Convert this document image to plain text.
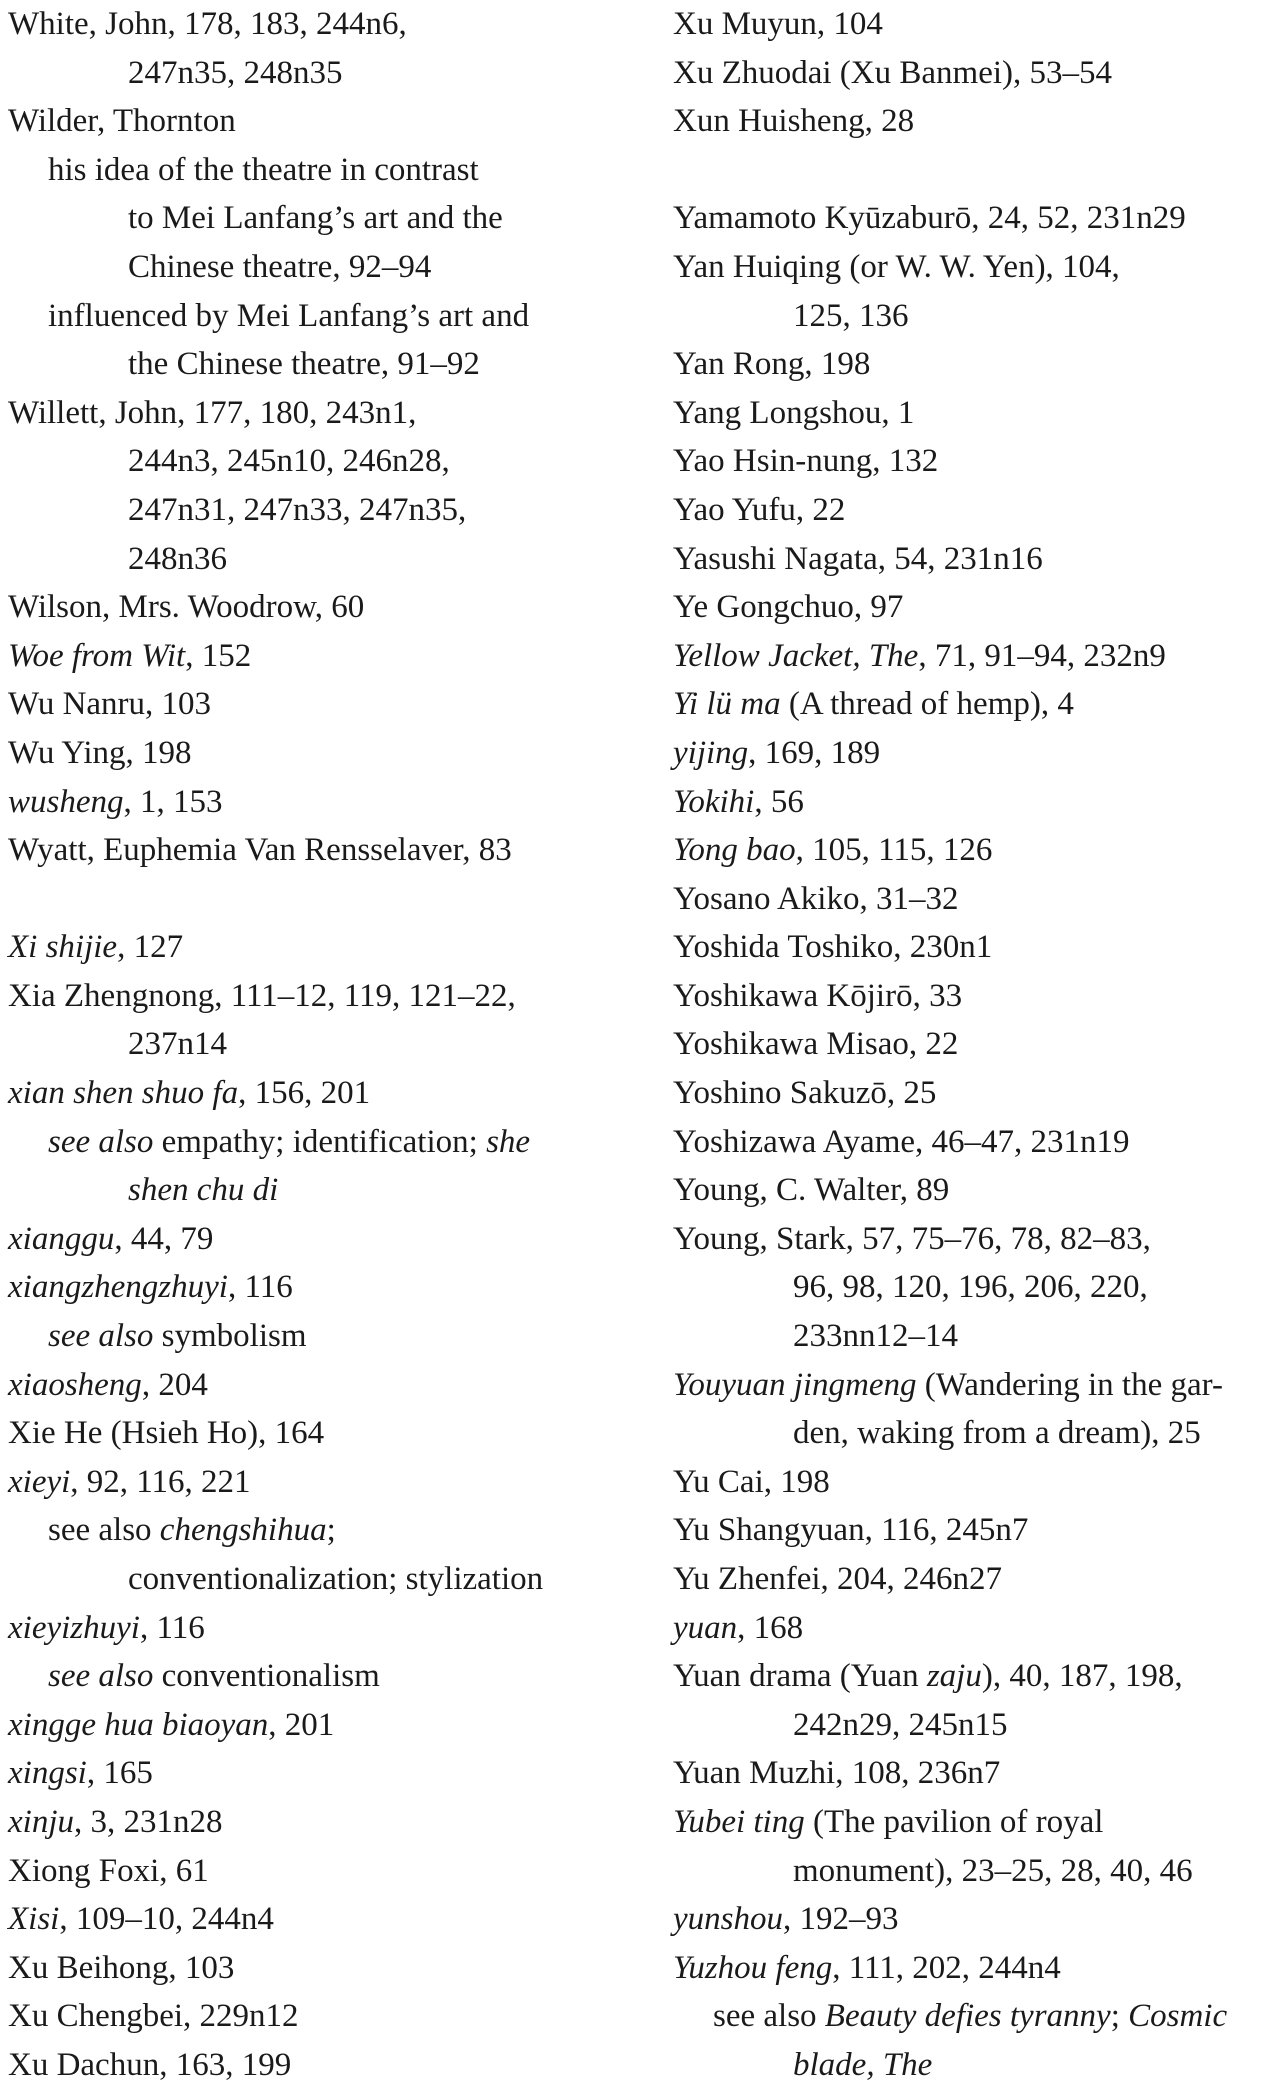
White, John, 178, 183, 244n6,
247n35, 248n35
Wilder, Thornton
his idea of the theatre in contrast
to Mei Lanfang’s art and the
Chinese theatre, 92–94
influenced by Mei Lanfang’s art and
the Chinese theatre, 91–92
Willett, John, 177, 180, 243n1,
244n3, 245n10, 246n28,
247n31, 247n33, 247n35,
248n36
Wilson, Mrs. Woodrow, 60
Woe from Wit, 152
Wu Nanru, 103
Wu Ying, 198
wusheng, 1, 153
Wyatt, Euphemia Van Rensselaver, 83
Xi shijie, 127
Xia Zhengnong, 111–12, 119, 121–22,
237n14
xian shen shuo fa, 156, 201
see also empathy; identification; she
shen chu di
xianggu, 44, 79
xiangzhengzhuyi, 116
see also symbolism
xiaosheng, 204
Xie He (Hsieh Ho), 164
xieyi, 92, 116, 221
see also chengshihua;
conventionalization; stylization
xieyizhuyi, 116
see also conventionalism
xingge hua biaoyan, 201
xingsi, 165
xinju, 3, 231n28
Xiong Foxi, 61
Xisi, 109–10, 244n4
Xu Beihong, 103
Xu Chengbei, 229n12
Xu Dachun, 163, 199
Xu Muyun, 104
Xu Zhuodai (Xu Banmei), 53–54
Xun Huisheng, 28
Yamamoto Kyūzaburō, 24, 52, 231n29
Yan Huiqing (or W. W. Yen), 104,
125, 136
Yan Rong, 198
Yang Longshou, 1
Yao Hsin-nung, 132
Yao Yufu, 22
Yasushi Nagata, 54, 231n16
Ye Gongchuo, 97
Yellow Jacket, The, 71, 91–94, 232n9
Yi lü ma (A thread of hemp), 4
yijing, 169, 189
Yokihi, 56
Yong bao, 105, 115, 126
Yosano Akiko, 31–32
Yoshida Toshiko, 230n1
Yoshikawa Kōjirō, 33
Yoshikawa Misao, 22
Yoshino Sakuzō, 25
Yoshizawa Ayame, 46–47, 231n19
Young, C. Walter, 89
Young, Stark, 57, 75–76, 78, 82–83,
96, 98, 120, 196, 206, 220,
233nn12–14
Youyuan jingmeng (Wandering in the gar-
den, waking from a dream), 25
Yu Cai, 198
Yu Shangyuan, 116, 245n7
Yu Zhenfei, 204, 246n27
yuan, 168
Yuan drama (Yuan zaju), 40, 187, 198,
242n29, 245n15
Yuan Muzhi, 108, 236n7
Yubei ting (The pavilion of royal
monument), 23–25, 28, 40, 46
yunshou, 192–93
Yuzhou feng, 111, 202, 244n4
see also Beauty defies tyranny; Cosmic
blade, The
